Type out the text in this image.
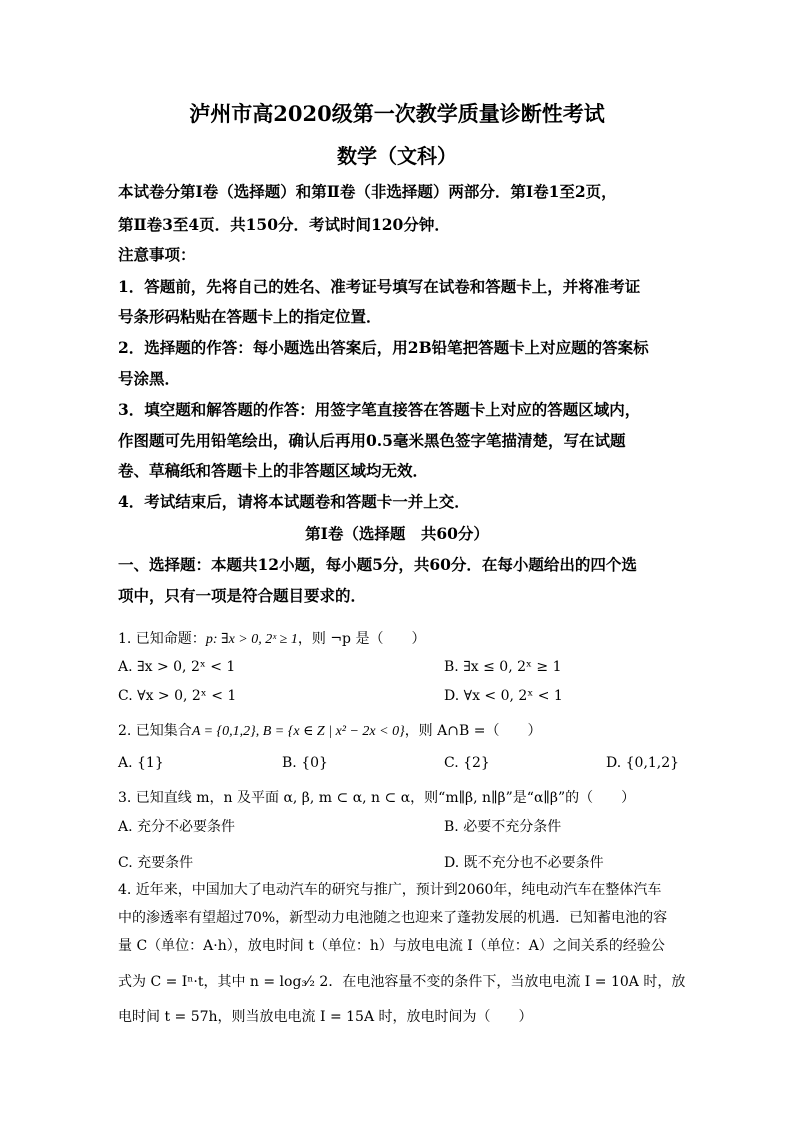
泸州市高2020级第一次教学质量诊断性考试
数学（文科）
本试卷分第Ⅰ卷（选择题）和第Ⅱ卷（非选择题）两部分．第Ⅰ卷1至2页，
第Ⅱ卷3至4页．共150分．考试时间120分钟．
注意事项：
1．答题前，先将自己的姓名、准考证号填写在试卷和答题卡上，并将准考证
号条形码粘贴在答题卡上的指定位置．
2．选择题的作答：每小题选出答案后，用2B铅笔把答题卡上对应题的答案标
号涂黑．
3．填空题和解答题的作答：用签字笔直接答在答题卡上对应的答题区域内，
作图题可先用铅笔绘出，确认后再用0.5毫米黑色签字笔描清楚，写在试题
卷、草稿纸和答题卡上的非答题区域均无效．
4．考试结束后，请将本试题卷和答题卡一并上交．
第Ⅰ卷（选择题　共60分）
一、选择题：本题共12小题，每小题5分，共60分．在每小题给出的四个选
项中，只有一项是符合题目要求的．
1. 已知命题：p: ∃x > 0, 2ˣ ≥ 1，则 ¬p 是（　　）
A. ∃x > 0, 2ˣ < 1	B. ∃x ≤ 0, 2ˣ ≥ 1
C. ∀x > 0, 2ˣ < 1	D. ∀x < 0, 2ˣ < 1
2. 已知集合A = {0,1,2}, B = {x ∈ Z | x² − 2x < 0}，则 A∩B =（　　）
A. {1}	B. {0}	C. {2}	D. {0,1,2}
3. 已知直线 m，n 及平面 α, β, m ⊂ α, n ⊂ α，则“m∥β, n∥β”是“α∥β”的（　　）
A. 充分不必要条件	B. 必要不充分条件
C. 充要条件	D. 既不充分也不必要条件
4. 近年来，中国加大了电动汽车的研究与推广，预计到2060年，纯电动汽车在整体汽车
中的渗透率有望超过70%，新型动力电池随之也迎来了蓬勃发展的机遇．已知蓄电池的容
量 C（单位：A·h），放电时间 t（单位：h）与放电电流 I（单位：A）之间关系的经验公
式为 C = Iⁿ·t，其中 n = log₃⁄₂ 2．在电池容量不变的条件下，当放电电流 I = 10A 时，放
电时间 t = 57h，则当放电电流 I = 15A 时，放电时间为（　　）
